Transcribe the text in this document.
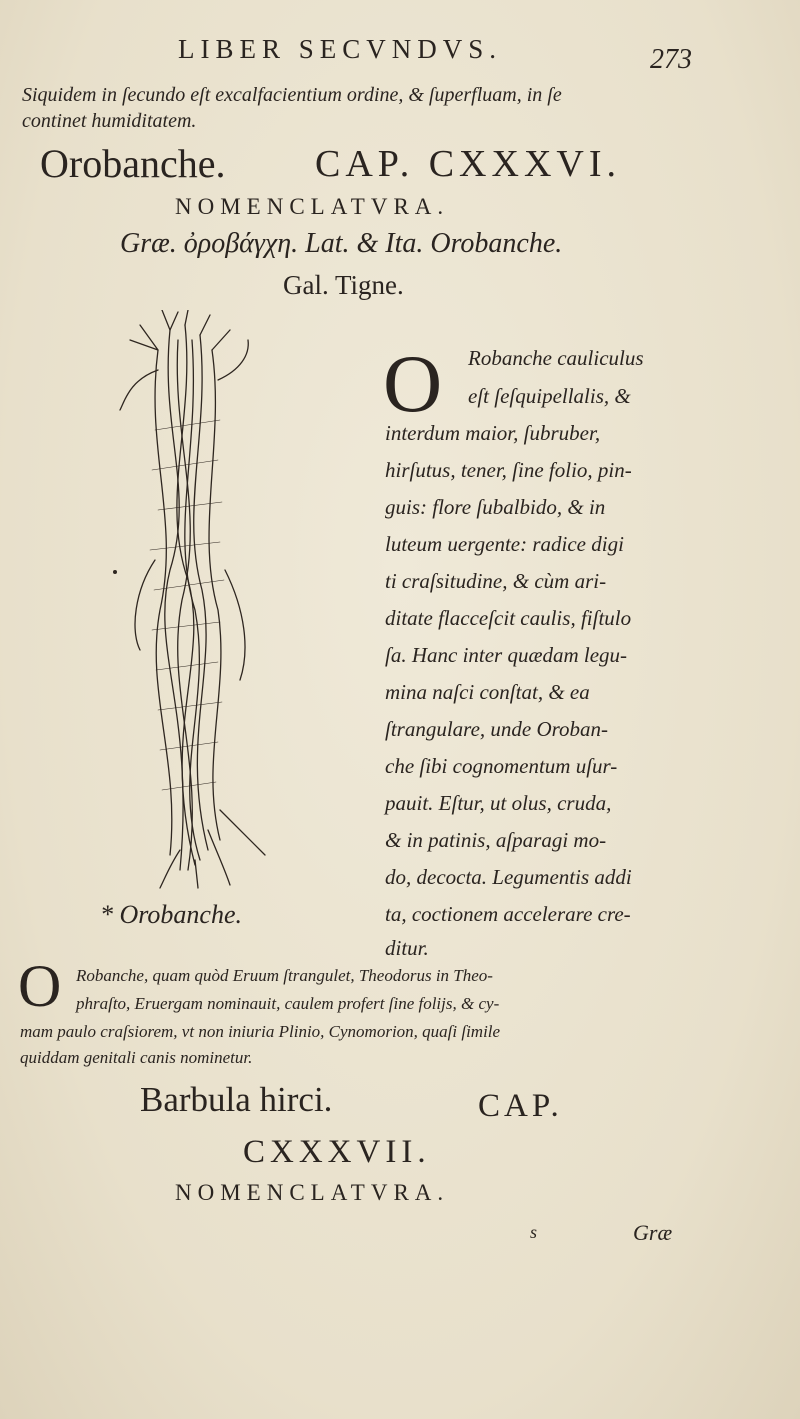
LIBER SECVNDVS.	273
Siquidem in ſecundo eſt excalfacientium ordine, & ſuperfluam, in ſe
continet humiditatem.
Orobanche. CAP. CXXXVI.
NOMENCLATVRA.
Græ. ὀροβάγχη. Lat. & Ita. Orobanche.
Gal. Tigne.
O Robanche cauliculus
eſt ſeſquipellalis, &
interdum maior, ſubruber,
hirſutus, tener, ſine folio, pin-
guis: flore ſubalbido, & in
luteum uergente: radice digi
ti craſsitudine, & cùm ari-
ditate flacceſcit caulis, fiſtulo
ſa. Hanc inter quædam legu-
mina naſci conſtat, & ea
ſtrangulare, unde Oroban-
che ſibi cognomentum uſur-
pauit. Eſtur, ut olus, cruda,
& in patinis, aſparagi mo-
do, decocta. Legumentis addi
ta, coctionem accelerare cre-
ditur.
* Orobanche.
O Robanche, quam quòd Eruum ſtrangulet, Theodorus in Theo-
phraſto, Eruergam nominauit, caulem profert ſine folijs, & cy-
mam paulo craſsiorem, vt non iniuria Plinio, Cynomorion, quaſi ſimile
quiddam genitali canis nominetur.
Barbula hirci.	CAP.
CXXXVII.
NOMENCLATVRA.
s	Græ
